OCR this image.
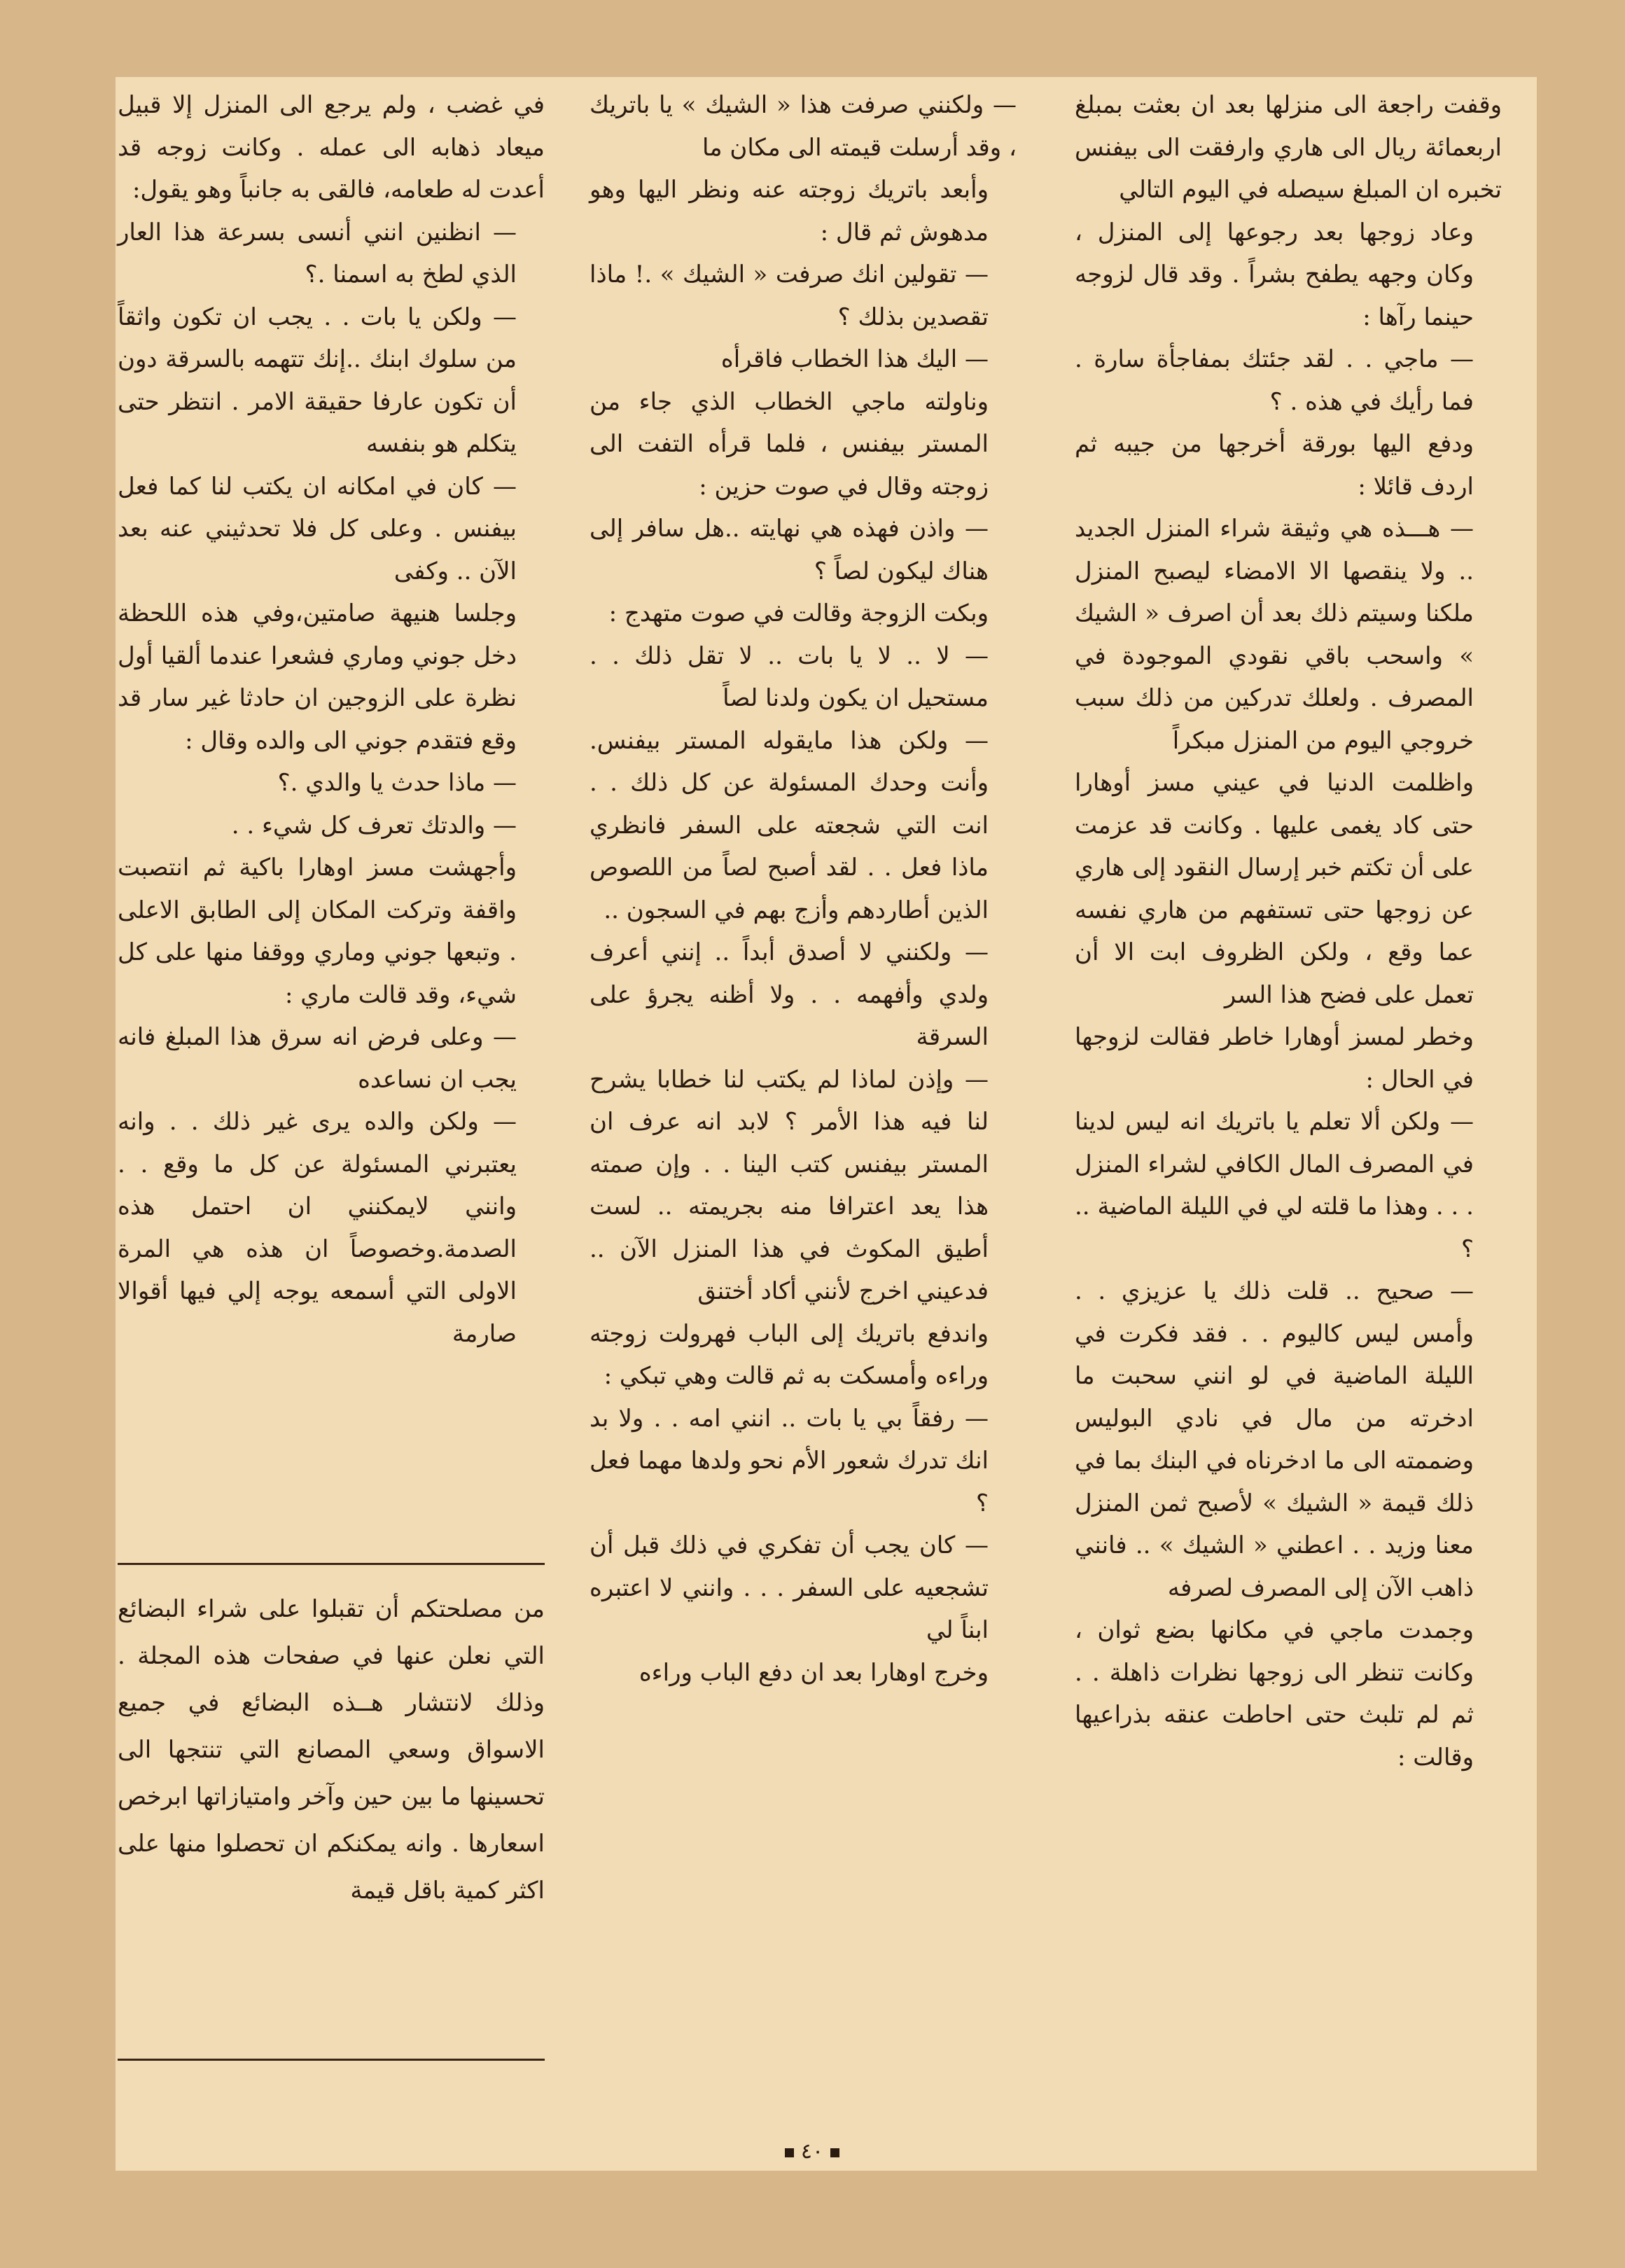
وقفت راجعة الى منزلها بعد ان بعثت بمبلغ اربعمائة ريال الى هاري وارفقت الى بيفنس تخبره ان المبلغ سيصله في اليوم التالي

وعاد زوجها بعد رجوعها إلى المنزل ، وكان وجهه يطفح بشراً . وقد قال لزوجه حينما رآها :

— ماجي . . لقد جئتك بمفاجأة سارة . فما رأيك في هذه . ؟

ودفع اليها بورقة أخرجها من جيبه ثم اردف قائلا :

— هـــذه هي وثيقة شراء المنزل الجديد .. ولا ينقصها الا الامضاء ليصبح المنزل ملكنا وسيتم ذلك بعد أن اصرف « الشيك » واسحب باقي نقودي الموجودة في المصرف . ولعلك تدركين من ذلك سبب خروجي اليوم من المنزل مبكراً

واظلمت الدنيا في عيني مسز أوهارا حتى كاد يغمى عليها . وكانت قد عزمت على أن تكتم خبر إرسال النقود إلى هاري عن زوجها حتى تستفهم من هاري نفسه عما وقع ، ولكن الظروف ابت الا أن تعمل على فضح هذا السر

وخطر لمسز أوهارا خاطر فقالت لزوجها في الحال :

— ولكن ألا تعلم يا باتريك انه ليس لدينا في المصرف المال الكافي لشراء المنزل . . . وهذا ما قلته لي في الليلة الماضية .. ؟

— صحيح .. قلت ذلك يا عزيزي . . وأمس ليس كاليوم . . فقد فكرت في الليلة الماضية في لو انني سحبت ما ادخرته من مال في نادي البوليس وضممته الى ما ادخرناه في البنك بما في ذلك قيمة « الشيك » لأصبح ثمن المنزل معنا وزيد . . اعطني « الشيك » .. فانني ذاهب الآن إلى المصرف لصرفه

وجمدت ماجي في مكانها بضع ثوان ، وكانت تنظر الى زوجها نظرات ذاهلة . . ثم لم تلبث حتى احاطت عنقه بذراعيها وقالت :

— ولكنني صرفت هذا « الشيك » يا باتريك ، وقد أرسلت قيمته الى مكان ما

وأبعد باتريك زوجته عنه ونظر اليها وهو مدهوش ثم قال :

— تقولين انك صرفت « الشيك » .! ماذا تقصدين بذلك ؟

— اليك هذا الخطاب فاقرأه

وناولته ماجي الخطاب الذي جاء من المستر بيفنس ، فلما قرأه التفت الى زوجته وقال في صوت حزين :

— واذن فهذه هي نهايته ..هل سافر إلى هناك ليكون لصاً ؟

وبكت الزوجة وقالت في صوت متهدج :

— لا .. لا يا بات .. لا تقل ذلك . . مستحيل ان يكون ولدنا لصاً

— ولكن هذا مايقوله المستر بيفنس. وأنت وحدك المسئولة عن كل ذلك . . انت التي شجعته على السفر فانظري ماذا فعل . . لقد أصبح لصاً من اللصوص الذين أطاردهم وأزج بهم في السجون ..

— ولكنني لا أصدق أبداً .. إنني أعرف ولدي وأفهمه . . ولا أظنه يجرؤ على السرقة

— وإذن لماذا لم يكتب لنا خطابا يشرح لنا فيه هذا الأمر ؟ لابد انه عرف ان المستر بيفنس كتب الينا . . وإن صمته هذا يعد اعترافا منه بجريمته .. لست أطيق المكوث في هذا المنزل الآن .. فدعيني اخرج لأنني أكاد أختنق

واندفع باتريك إلى الباب فهرولت زوجته وراءه وأمسكت به ثم قالت وهي تبكي :

— رفقاً بي يا بات .. انني امه . . ولا بد انك تدرك شعور الأم نحو ولدها مهما فعل ؟

— كان يجب أن تفكري في ذلك قبل أن تشجعيه على السفر . . . وانني لا اعتبره ابناً لي

وخرج اوهارا بعد ان دفع الباب وراءه

في غضب ، ولم يرجع الى المنزل إلا قبيل ميعاد ذهابه الى عمله . وكانت زوجه قد أعدت له طعامه، فالقى به جانباً وهو يقول:

— انظنين انني أنسى بسرعة هذا العار الذي لطخ به اسمنا .؟

— ولكن يا بات . . يجب ان تكون واثقاً من سلوك ابنك ..إنك تتهمه بالسرقة دون أن تكون عارفا حقيقة الامر . انتظر حتى يتكلم هو بنفسه

— كان في امكانه ان يكتب لنا كما فعل بيفنس . وعلى كل فلا تحدثيني عنه بعد الآن .. وكفى

وجلسا هنيهة صامتين،وفي هذه اللحظة دخل جوني وماري فشعرا عندما ألقيا أول نظرة على الزوجين ان حادثا غير سار قد وقع فتقدم جوني الى والده وقال :

— ماذا حدث يا والدي .؟

— والدتك تعرف كل شيء . .

وأجهشت مسز اوهارا باكية ثم انتصبت واقفة وتركت المكان إلى الطابق الاعلى . وتبعها جوني وماري ووقفا منها على كل شيء، وقد قالت ماري :

— وعلى فرض انه سرق هذا المبلغ فانه يجب ان نساعده

— ولكن والده يرى غير ذلك . . وانه يعتبرني المسئولة عن كل ما وقع . . وانني لايمكنني ان احتمل هذه الصدمة.وخصوصاً ان هذه هي المرة الاولى التي أسمعه يوجه إلي فيها أقوالا صارمة

من مصلحتكم أن تقبلوا على شراء البضائع التي نعلن عنها في صفحات هذه المجلة . وذلك لانتشار هــذه البضائع في جميع الاسواق وسعي المصانع التي تنتجها الى تحسينها ما بين حين وآخر وامتيازاتها ابرخص اسعارها . وانه يمكنكم ان تحصلوا منها على اكثر كمية باقل قيمة
٤٠
